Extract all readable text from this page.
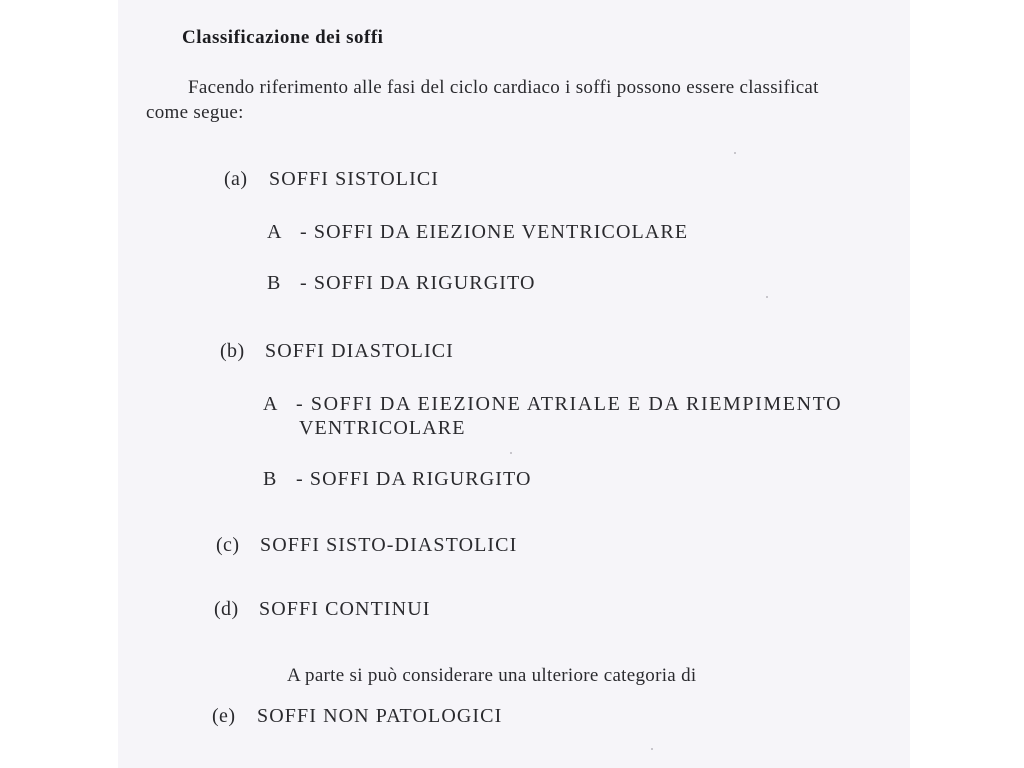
Classificazione dei soffi
Facendo riferimento alle fasi del ciclo cardiaco i soffi possono essere classificat
come segue:
(a) SOFFI SISTOLICI
A - SOFFI DA EIEZIONE VENTRICOLARE
B - SOFFI DA RIGURGITO
(b) SOFFI DIASTOLICI
A - SOFFI DA EIEZIONE ATRIALE E DA RIEMPIMENTO
VENTRICOLARE
B - SOFFI DA RIGURGITO
(c) SOFFI SISTO-DIASTOLICI
(d) SOFFI CONTINUI
A parte si può considerare una ulteriore categoria di
(e) SOFFI NON PATOLOGICI
